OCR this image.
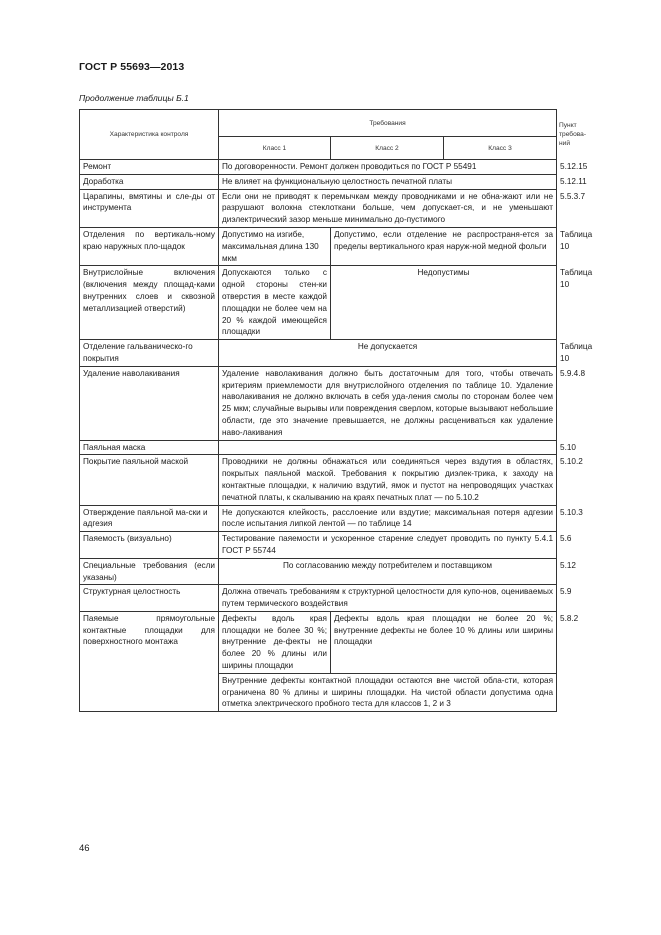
ГОСТ Р 55693—2013
Продолжение таблицы Б.1
Характеристика контроля	Требования			Пункт требова-ний
	Класс 1	Класс 2	Класс 3	
Ремонт	По договоренности. Ремонт должен проводиться по ГОСТ Р 55491			5.12.15
Доработка	Не влияет на функциональную целостность печатной платы			5.12.11
Царапины, вмятины и сле-ды от инструмента	Если они не приводят к перемычкам между проводниками и не обна-жают или не разрушают волокна стеклоткани больше, чем допускает-ся, и не уменьшают диэлектрический зазор меньше минимально до-пустимого			5.5.3.7
Отделения по вертикаль-ному краю наружных пло-щадок	Допустимо на изгибе, максимальная длина 130 мкм	Допустимо, если отделение не распространя-ется за пределы вертикального края наруж-ной медной фольги		Таблица 10
Внутрислойные включения (включения между площад-ками внутренних слоев и сквозной металлизацией отверстий)	Допускаются только с одной стороны стен-ки отверстия в месте каждой площадки не более чем на 20 % каждой имеющейся площадки	Недопустимы		Таблица 10
Отделение гальваническо-го покрытия	Не допускается			Таблица 10
Удаление наволакивания	Удаление наволакивания должно быть достаточным для того, чтобы отвечать критериям приемлемости для внутрислойного отделения по таблице 10. Удаление наволакивания не должно включать в себя уда-ления смолы по сторонам более чем 25 мкм; случайные вырывы или повреждения сверлом, которые вызывают небольшие области, где это значение превышается, не должны расцениваться как удаление наво-лакивания			5.9.4.8
Паяльная маска				5.10
Покрытие паяльной маской	Проводники не должны обнажаться или соединяться через вздутия в областях, покрытых паяльной маской. Требования к покрытию диэлек-трика, к заходу на контактные площадки, к наличию вздутий, ямок и пустот на непроводящих участках печатной платы, к скалыванию на краях печатных плат — по 5.10.2			5.10.2
Отверждение паяльной ма-ски и адгезия	Не допускаются клейкость, расслоение или вздутие; максимальная потеря адгезии после испытания липкой лентой — по таблице 14			5.10.3
Паяемость (визуально)	Тестирование паяемости и ускоренное старение следует проводить по пункту 5.4.1 ГОСТ Р 55744			5.6
Специальные требования (если указаны)	По согласованию между потребителем и поставщиком			5.12
Структурная целостность	Должна отвечать требованиям к структурной целостности для купо-нов, оцениваемых путем термического воздействия			5.9
Паяемые прямоугольные контактные площадки для поверхностного монтажа	Дефекты вдоль края площадки не более 30 %; внутренние де-фекты не более 20 % длины или ширины площадки	Дефекты вдоль края площадки не более 20 %; внутренние дефекты не более 10 % длины или ширины площадки		5.8.2
	Внутренние дефекты контактной площадки остаются вне чистой обла-сти, которая ограничена 80 % длины и ширины площадки. На чистой области допустима одна отметка электрического пробного теста для классов 1, 2 и 3			
46
